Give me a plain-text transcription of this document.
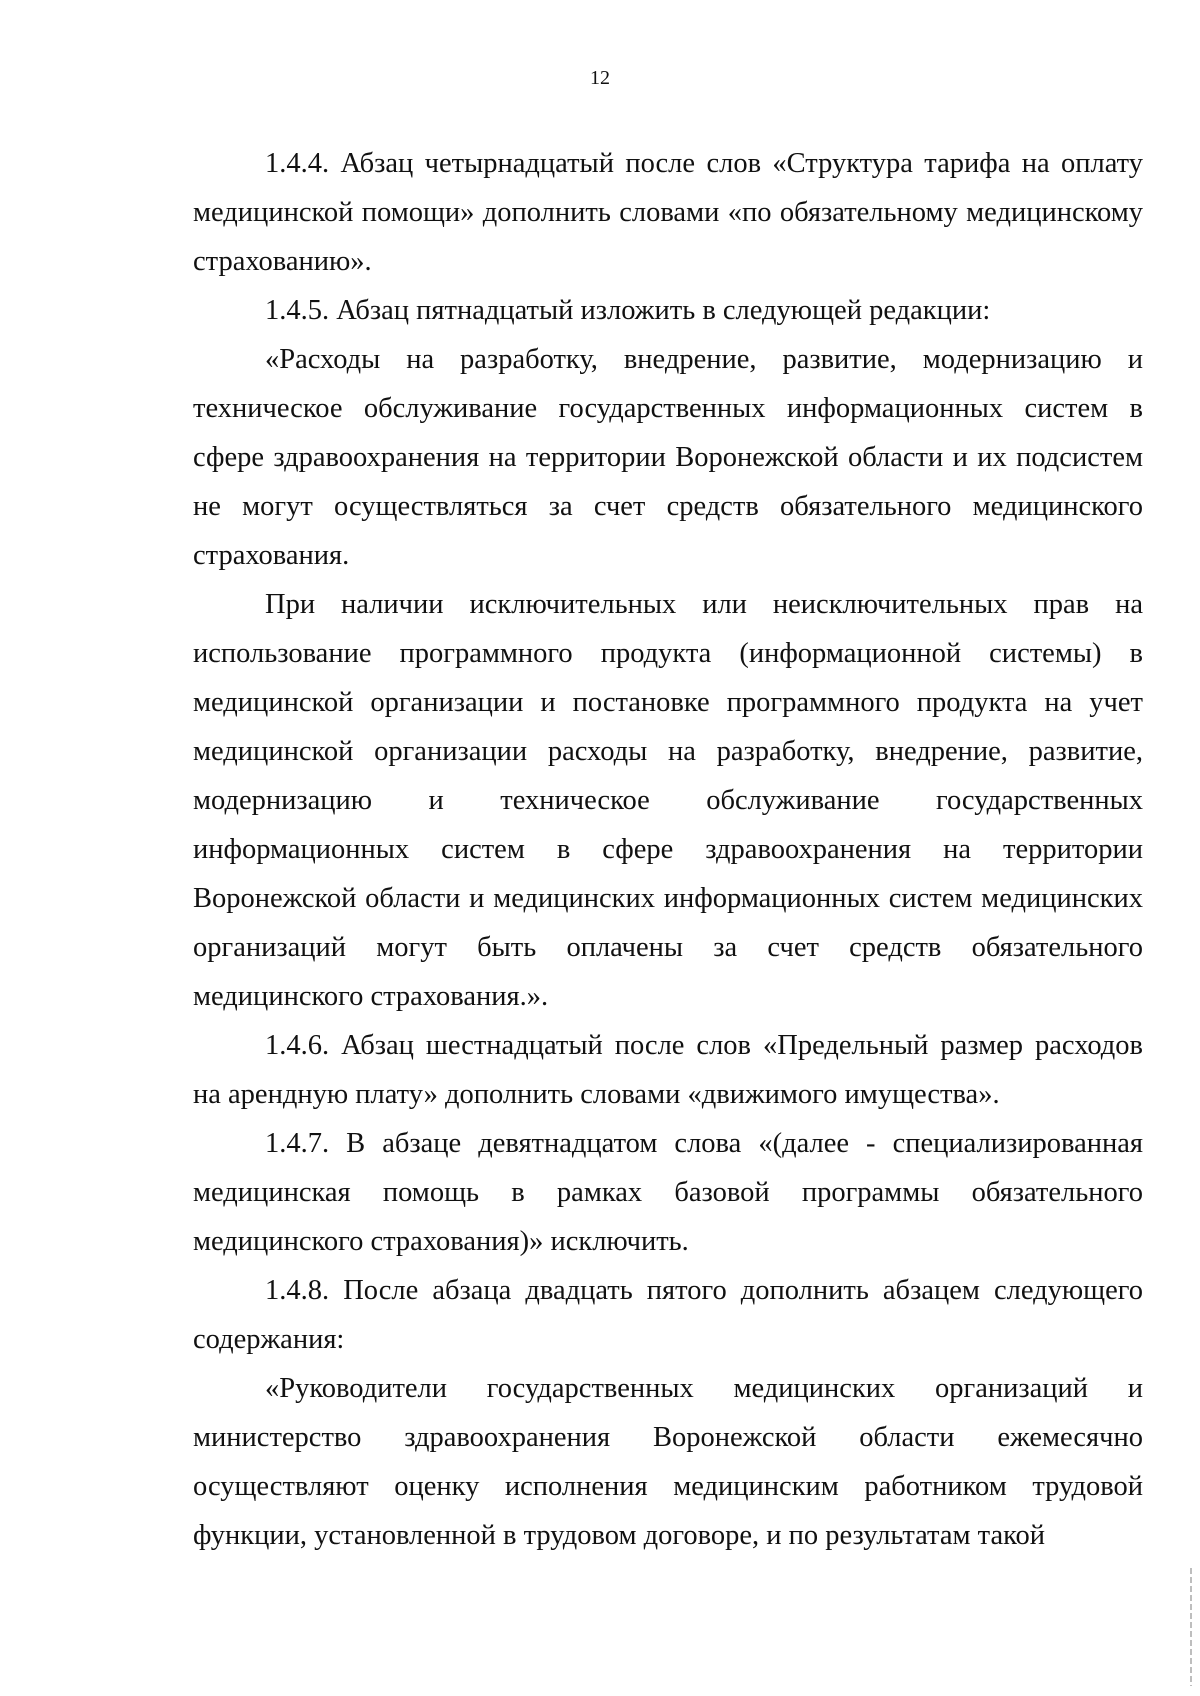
12

1.4.4. Абзац четырнадцатый после слов «Структура тарифа на оплату медицинской помощи» дополнить словами «по обязательному медицинскому страхованию».

1.4.5. Абзац пятнадцатый изложить в следующей редакции:

«Расходы на разработку, внедрение, развитие, модернизацию и техническое обслуживание государственных информационных систем в сфере здравоохранения на территории Воронежской области и их подсистем не могут осуществляться за счет средств обязательного медицинского страхования.

При наличии исключительных или неисключительных прав на использование программного продукта (информационной системы) в медицинской организации и постановке программного продукта на учет медицинской организации расходы на разработку, внедрение, развитие, модернизацию и техническое обслуживание государственных информационных систем в сфере здравоохранения на территории Воронежской области и медицинских информационных систем медицинских организаций могут быть оплачены за счет средств обязательного медицинского страхования.».

1.4.6. Абзац шестнадцатый после слов «Предельный размер расходов на арендную плату» дополнить словами «движимого имущества».

1.4.7. В абзаце девятнадцатом слова «(далее - специализированная медицинская помощь в рамках базовой программы обязательного медицинского страхования)» исключить.

1.4.8. После абзаца двадцать пятого дополнить абзацем следующего содержания:

«Руководители государственных медицинских организаций и министерство здравоохранения Воронежской области ежемесячно осуществляют оценку исполнения медицинским работником трудовой функции, установленной в трудовом договоре, и по результатам такой
